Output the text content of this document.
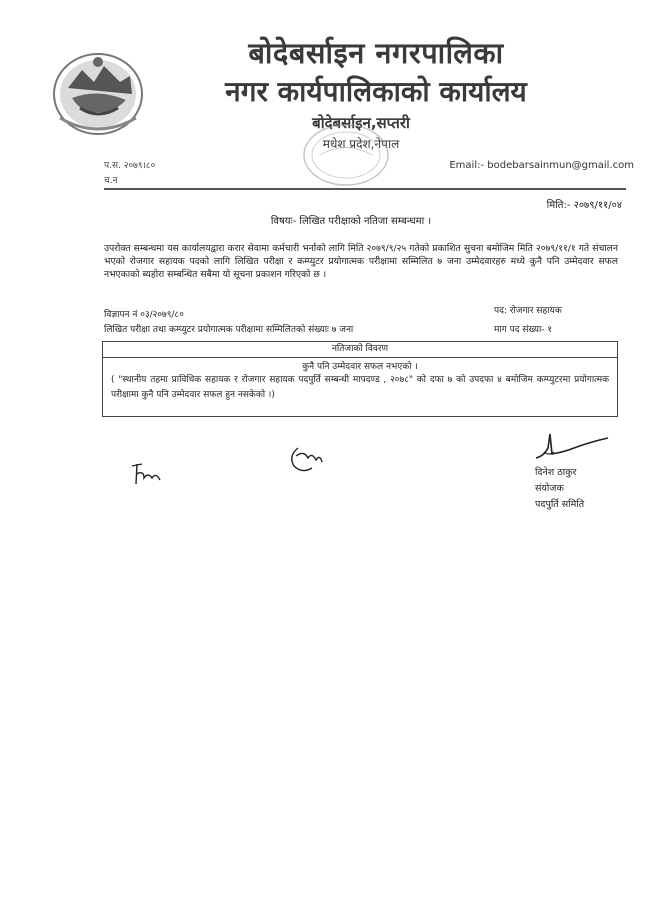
बोदेबर्साइन नगरपालिका
नगर कार्यपालिकाको कार्यालय
बोदेबर्साइन,सप्तरी
मधेश प्रदेश,नेपाल
प.स. २०७९।८०
च.न
Email:- bodebarsainmun@gmail.com
मिति:- २०७९/११/०४
विषयः- लिखित परीक्षाको नतिजा सम्बन्धमा ।
उपरोक्त सम्बन्धमा यस कार्यालयद्वारा करार सेवामा कर्मचारी भर्नाको लागि मिति २०७९/९/२५ गतेको प्रकाशित सुचना बमोजिम मिति २०७९/११/१ गते संचालन भएको रोजगार सहायक पदको लागि लिखित परीक्षा र कम्प्युटर प्रयोगात्मक परीक्षामा सम्मिलित ७ जना उम्मेदवारहरु मध्ये कुनै पनि उम्मेदवार सफल नभएकाको ब्यहोरा सम्बन्धित सबैमा यो सूचना प्रकाशन गरिएको छ ।
विज्ञापन नं ०३/२०७९/८०	पद: रोजगार सहायक
लिखित परीक्षा तथा कम्प्युटर प्रयोगात्मक परीक्षामा सम्मिलितको संख्याः ७ जना	माग पद संख्या- १
नतिजाको विवरण
कुनै पनि उम्मेदवार सफल नभएको ।
( "स्थानीय तहमा प्राविधिक सहायक र रोजगार सहायक पदपुर्ति सम्बन्धी मापदण्ड , २०७८" को दफा ७ को उपदफा ४ बमोजिम कम्प्युटरमा प्रयोगात्मक परीक्षामा कुनै पनि उम्मेदवार सफल हुन नसकेको ।)
दिनेश ठाकुर
संयोजक
पदपुर्ति समिति
